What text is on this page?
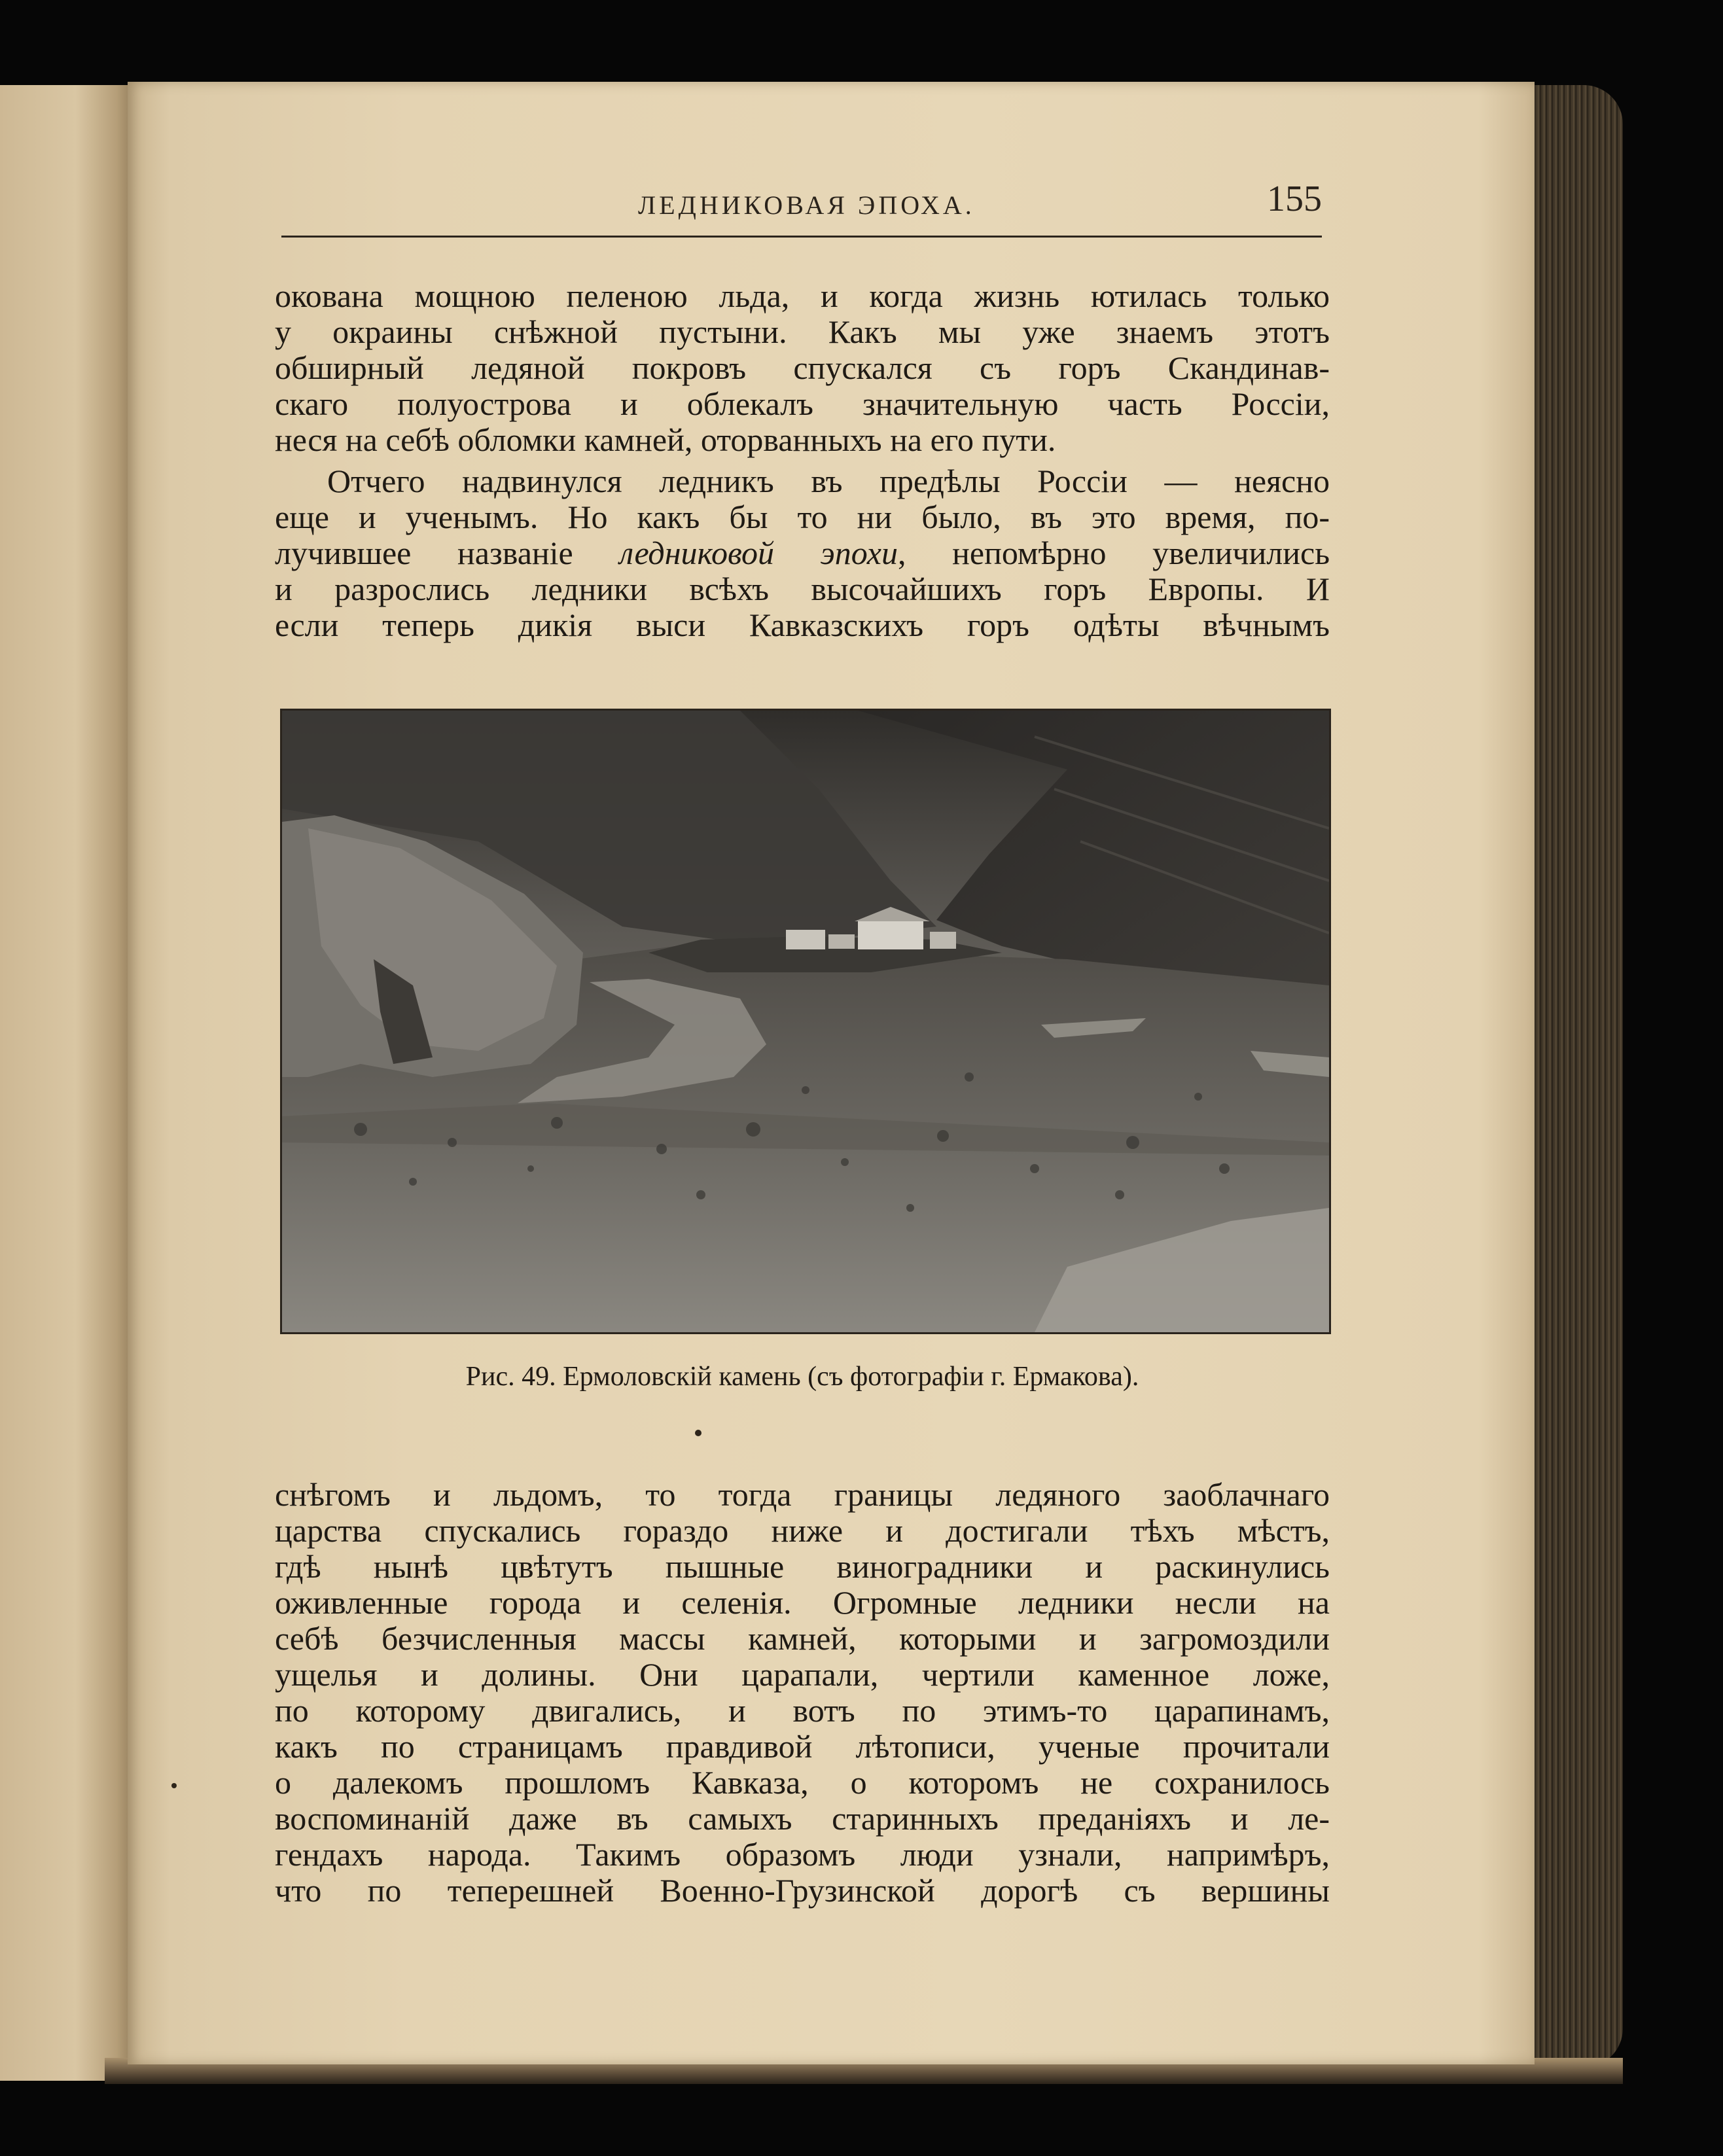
ЛЕДНИКОВАЯ ЭПОХА.	155
окована мощною пеленою льда, и когда жизнь ютилась только
у окраины снѣжной пустыни. Какъ мы уже знаемъ этотъ
обширный ледяной покровъ спускался съ горъ Скандинав-
скаго полуострова и облекалъ значительную часть Россiи,
неся на себѣ обломки камней, оторванныхъ на его пути.
Отчего надвинулся ледникъ въ предѣлы Россiи — неясно
еще и ученымъ. Но какъ бы то ни было, въ это время, по-
лучившее названiе ледниковой эпохи, непомѣрно увеличились
и разрослись ледники всѣхъ высочайшихъ горъ Европы. И
если теперь дикiя выси Кавказскихъ горъ одѣты вѣчнымъ
Рис. 49. Ермоловскiй камень (съ фотографiи г. Ермакова).
снѣгомъ и льдомъ, то тогда границы ледяного заоблачнаго
царства спускались гораздо ниже и достигали тѣхъ мѣстъ,
гдѣ нынѣ цвѣтутъ пышные виноградники и раскинулись
оживленные города и селенiя. Огромные ледники несли на
себѣ безчисленныя массы камней, которыми и загромоздили
ущелья и долины. Они царапали, чертили каменное ложе,
по которому двигались, и вотъ по этимъ-то царапинамъ,
какъ по страницамъ правдивой лѣтописи, ученые прочитали
о далекомъ прошломъ Кавказа, о которомъ не сохранилось
воспоминанiй даже въ самыхъ старинныхъ преданiяхъ и ле-
гендахъ народа. Такимъ образомъ люди узнали, напримѣръ,
что по теперешней Военно-Грузинской дорогѣ съ вершины
